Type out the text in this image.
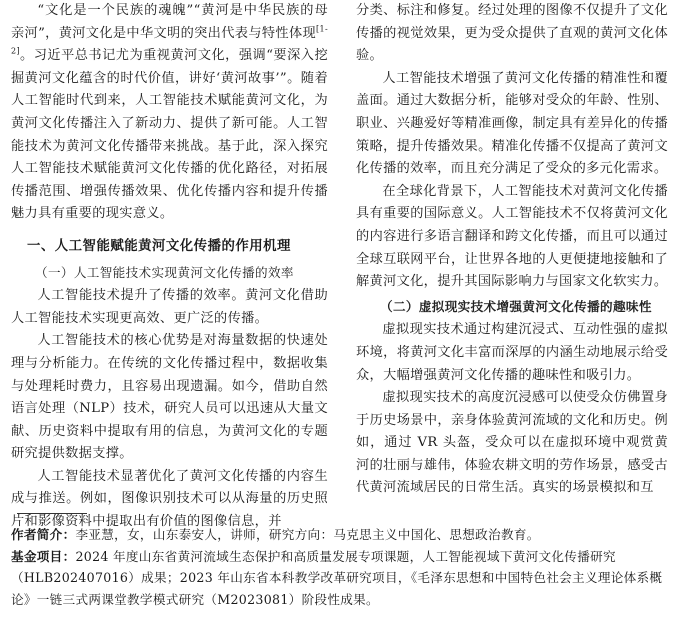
“文化是一个民族的魂魄”“黄河是中华民族的母亲河”，黄河文化是中华文明的突出代表与特性体现[1-2]。习近平总书记尤为重视黄河文化，强调“要深入挖掘黄河文化蕴含的时代价值，讲好‘黄河故事’”。随着人工智能时代到来，人工智能技术赋能黄河文化，为黄河文化传播注入了新动力、提供了新可能。人工智能技术为黄河文化传播带来挑战。基于此，深入探究人工智能技术赋能黄河文化传播的优化路径，对拓展传播范围、增强传播效果、优化传播内容和提升传播魅力具有重要的现实意义。

一、人工智能赋能黄河文化传播的作用机理

（一）人工智能技术实现黄河文化传播的效率

人工智能技术提升了传播的效率。黄河文化借助人工智能技术实现更高效、更广泛的传播。

人工智能技术的核心优势是对海量数据的快速处理与分析能力。在传统的文化传播过程中，数据收集与处理耗时费力，且容易出现遗漏。如今，借助自然语言处理（NLP）技术，研究人员可以迅速从大量文献、历史资料中提取有用的信息，为黄河文化的专题研究提供数据支撑。

人工智能技术显著优化了黄河文化传播的内容生成与推送。例如，图像识别技术可以从海量的历史照片和影像资料中提取出有价值的图像信息，并

分类、标注和修复。经过处理的图像不仅提升了文化传播的视觉效果，更为受众提供了直观的黄河文化体验。

人工智能技术增强了黄河文化传播的精准性和覆盖面。通过大数据分析，能够对受众的年龄、性别、职业、兴趣爱好等精准画像，制定具有差异化的传播策略，提升传播效果。精准化传播不仅提高了黄河文化传播的效率，而且充分满足了受众的多元化需求。

在全球化背景下，人工智能技术对黄河文化传播具有重要的国际意义。人工智能技术不仅将黄河文化的内容进行多语言翻译和跨文化传播，而且可以通过全球互联网平台，让世界各地的人更便捷地接触和了解黄河文化，提升其国际影响力与国家文化软实力。

（二）虚拟现实技术增强黄河文化传播的趣味性

虚拟现实技术通过构建沉浸式、互动性强的虚拟环境，将黄河文化丰富而深厚的内涵生动地展示给受众，大幅增强黄河文化传播的趣味性和吸引力。

虚拟现实技术的高度沉浸感可以使受众仿佛置身于历史场景中，亲身体验黄河流域的文化和历史。例如，通过 VR 头盔，受众可以在虚拟环境中观赏黄河的壮丽与雄伟，体验农耕文明的劳作场景，感受古代黄河流域居民的日常生活。真实的场景模拟和互

作者简介：李亚慧，女，山东泰安人，讲师，研究方向：马克思主义中国化、思想政治教育。

基金项目：2024 年度山东省黄河流域生态保护和高质量发展专项课题，人工智能视域下黄河文化传播研究（HLB202407016）成果；2023 年山东省本科教学改革研究项目，《毛泽东思想和中国特色社会主义理论体系概论》一链三式两课堂教学模式研究（M2023081）阶段性成果。
